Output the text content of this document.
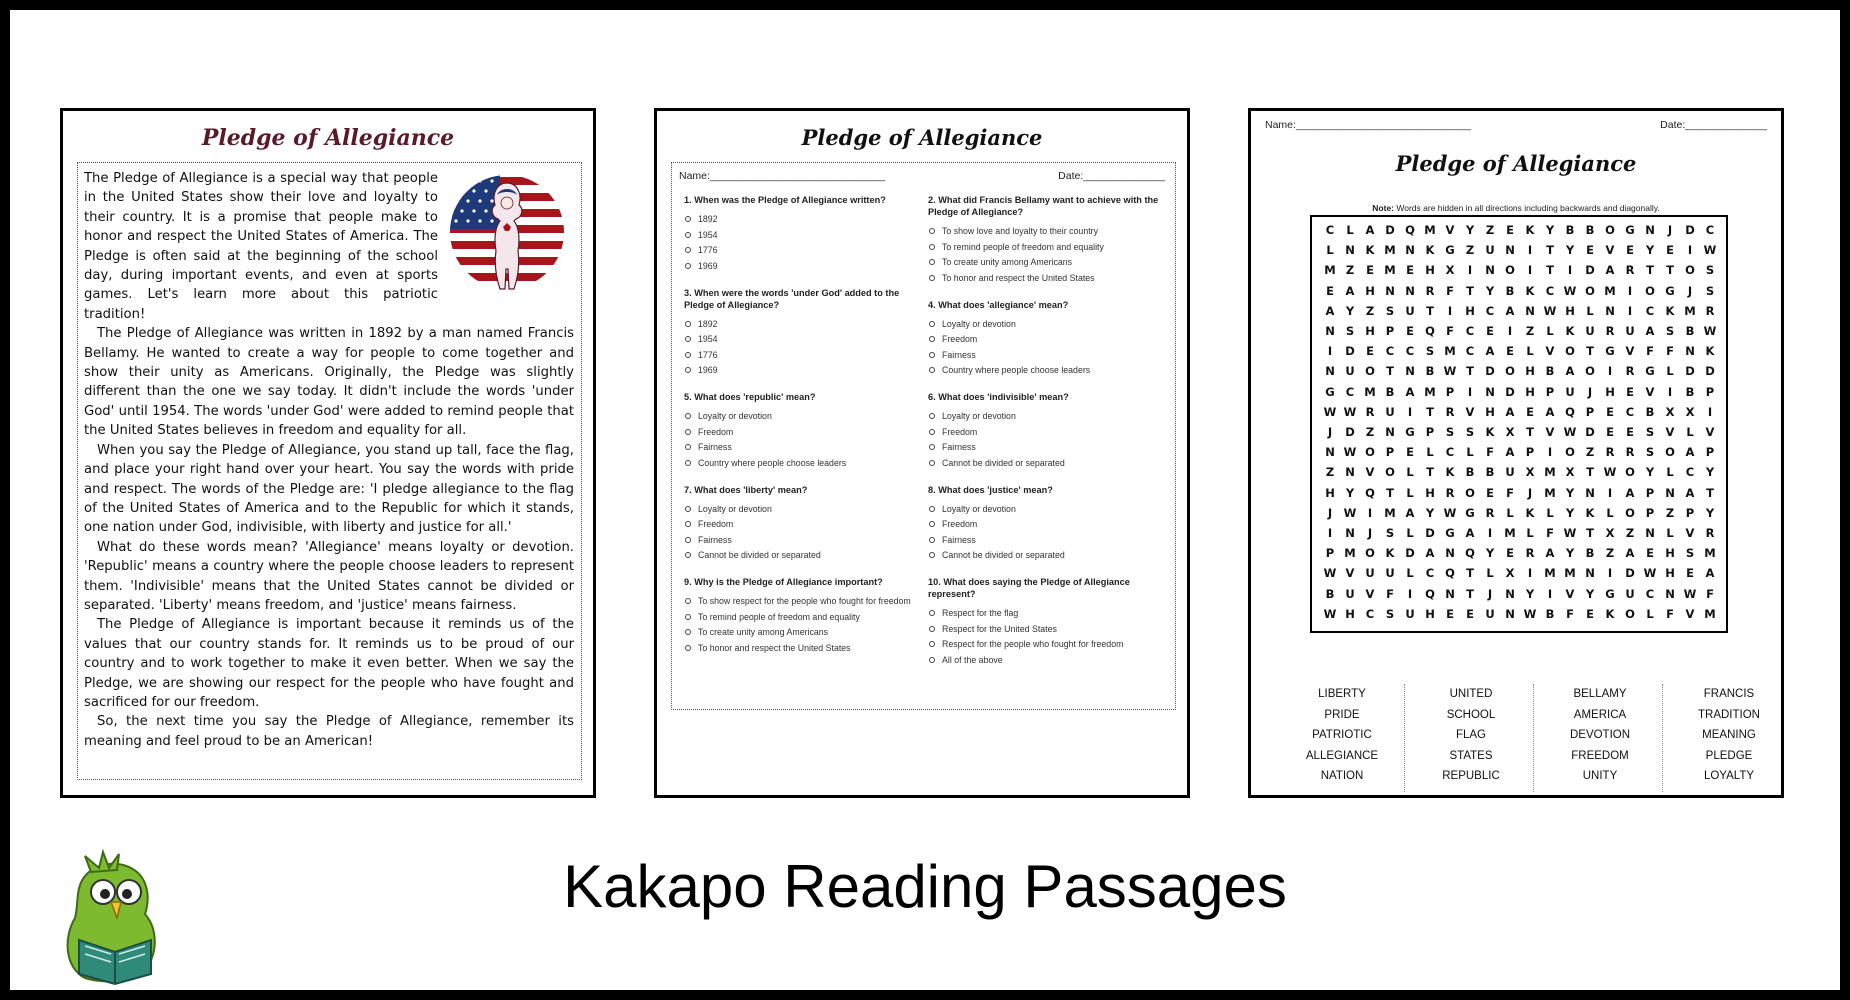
Pledge of Allegiance

The Pledge of Allegiance is a special way that people in the United States show their love and loyalty to their country. It is a promise that people make to honor and respect the United States of America. The Pledge is often said at the beginning of the school day, during important events, and even at sports games. Let's learn more about this patriotic tradition!

The Pledge of Allegiance was written in 1892 by a man named Francis Bellamy. He wanted to create a way for people to come together and show their unity as Americans. Originally, the Pledge was slightly different than the one we say today. It didn't include the words 'under God' until 1954. The words 'under God' were added to remind people that the United States believes in freedom and equality for all.

When you say the Pledge of Allegiance, you stand up tall, face the flag, and place your right hand over your heart. You say the words with pride and respect. The words of the Pledge are: 'I pledge allegiance to the flag of the United States of America and to the Republic for which it stands, one nation under God, indivisible, with liberty and justice for all.'

What do these words mean? 'Allegiance' means loyalty or devotion. 'Republic' means a country where the people choose leaders to represent them. 'Indivisible' means that the United States cannot be divided or separated. 'Liberty' means freedom, and 'justice' means fairness.

The Pledge of Allegiance is important because it reminds us of the values that our country stands for. It reminds us to be proud of our country and to work together to make it even better. When we say the Pledge, we are showing our respect for the people who have fought and sacrificed for our freedom.

So, the next time you say the Pledge of Allegiance, remember its meaning and feel proud to be an American!

Pledge of Allegiance
Name:______________________________	Date:______________
1. When was the Pledge of Allegiance written?
1892
1954
1776
1969
3. When were the words 'under God' added to the Pledge of Allegiance?
1892
1954
1776
1969
5. What does 'republic' mean?
Loyalty or devotion
Freedom
Fairness
Country where people choose leaders
7. What does 'liberty' mean?
Loyalty or devotion
Freedom
Fairness
Cannot be divided or separated
9. Why is the Pledge of Allegiance important?
To show respect for the people who fought for freedom
To remind people of freedom and equality
To create unity among Americans
To honor and respect the United States
2. What did Francis Bellamy want to achieve with the Pledge of Allegiance?
To show love and loyalty to their country
To remind people of freedom and equality
To create unity among Americans
To honor and respect the United States
4. What does 'allegiance' mean?
Loyalty or devotion
Freedom
Fairness
Country where people choose leaders
6. What does 'indivisible' mean?
Loyalty or devotion
Freedom
Fairness
Cannot be divided or separated
8. What does 'justice' mean?
Loyalty or devotion
Freedom
Fairness
Cannot be divided or separated
10. What does saying the Pledge of Allegiance represent?
Respect for the flag
Respect for the United States
Respect for the people who fought for freedom
All of the above
Name:______________________________	Date:______________
Pledge of Allegiance
Note: Words are hidden in all directions including backwards and diagonally.
C	L	A D Q M V Y	Z	E	K Y B B O G N	J	D C
L	N K M N K G Z U N	I	T	Y	E	V	E	Y	E	I	W
M Z	E M E H X	I	N O	I	T	I	D A R	T	T O S
E	A H N N R	F	T	Y B K C W O M	I	O G	J	S
A Y	Z	S U T	I	H C A N W H	L	N	I	C K M R
N S H P	E Q F	C	E	I	Z	L	K U R U A S B W
I	D E	C	C	S M C A	E	L	V O T G V	F	F N K
N U O T N B W T D O H B A O	I	R G	L	D D
G C M B A M P	I	N D H P U	J	H E	V	I	B P
W W R U	I	T	R V H A	E	A Q P	E	C B X X	I
J	D Z N G P	S	S K X	T	V W D E	E	S V	L	V
N W O P	E	L	C	L	F	A P	I	O Z R R S O A P
Z N V O L	T	K B B U X M X	T W O Y	L	C	Y
H Y Q T	L	H R O E	F	J	M Y N	I	A P N A	T
J	W	I	M A Y W G R	L	K	L	Y K	L O P	Z	P	Y
I	N	J	S	L	D G A	I	M L	F W T	X Z N	L	V R
P M O K D A N Q Y	E	R A Y B Z A	E H S M
W V U U	L	C Q T	L	X	I	M M N	I	D W H E	A
B U V	F	I	Q N T	J	N Y	I	V Y G U C N W F
W H C	S U H E	E U N W B	F	E	K O L	F	V M
LIBERTY
PRIDE
PATRIOTIC
ALLEGIANCE
NATION
UNITED
SCHOOL
FLAG
STATES
REPUBLIC
BELLAMY
AMERICA
DEVOTION
FREEDOM
UNITY
FRANCIS
TRADITION
MEANING
PLEDGE
LOYALTY
Kakapo Reading Passages
